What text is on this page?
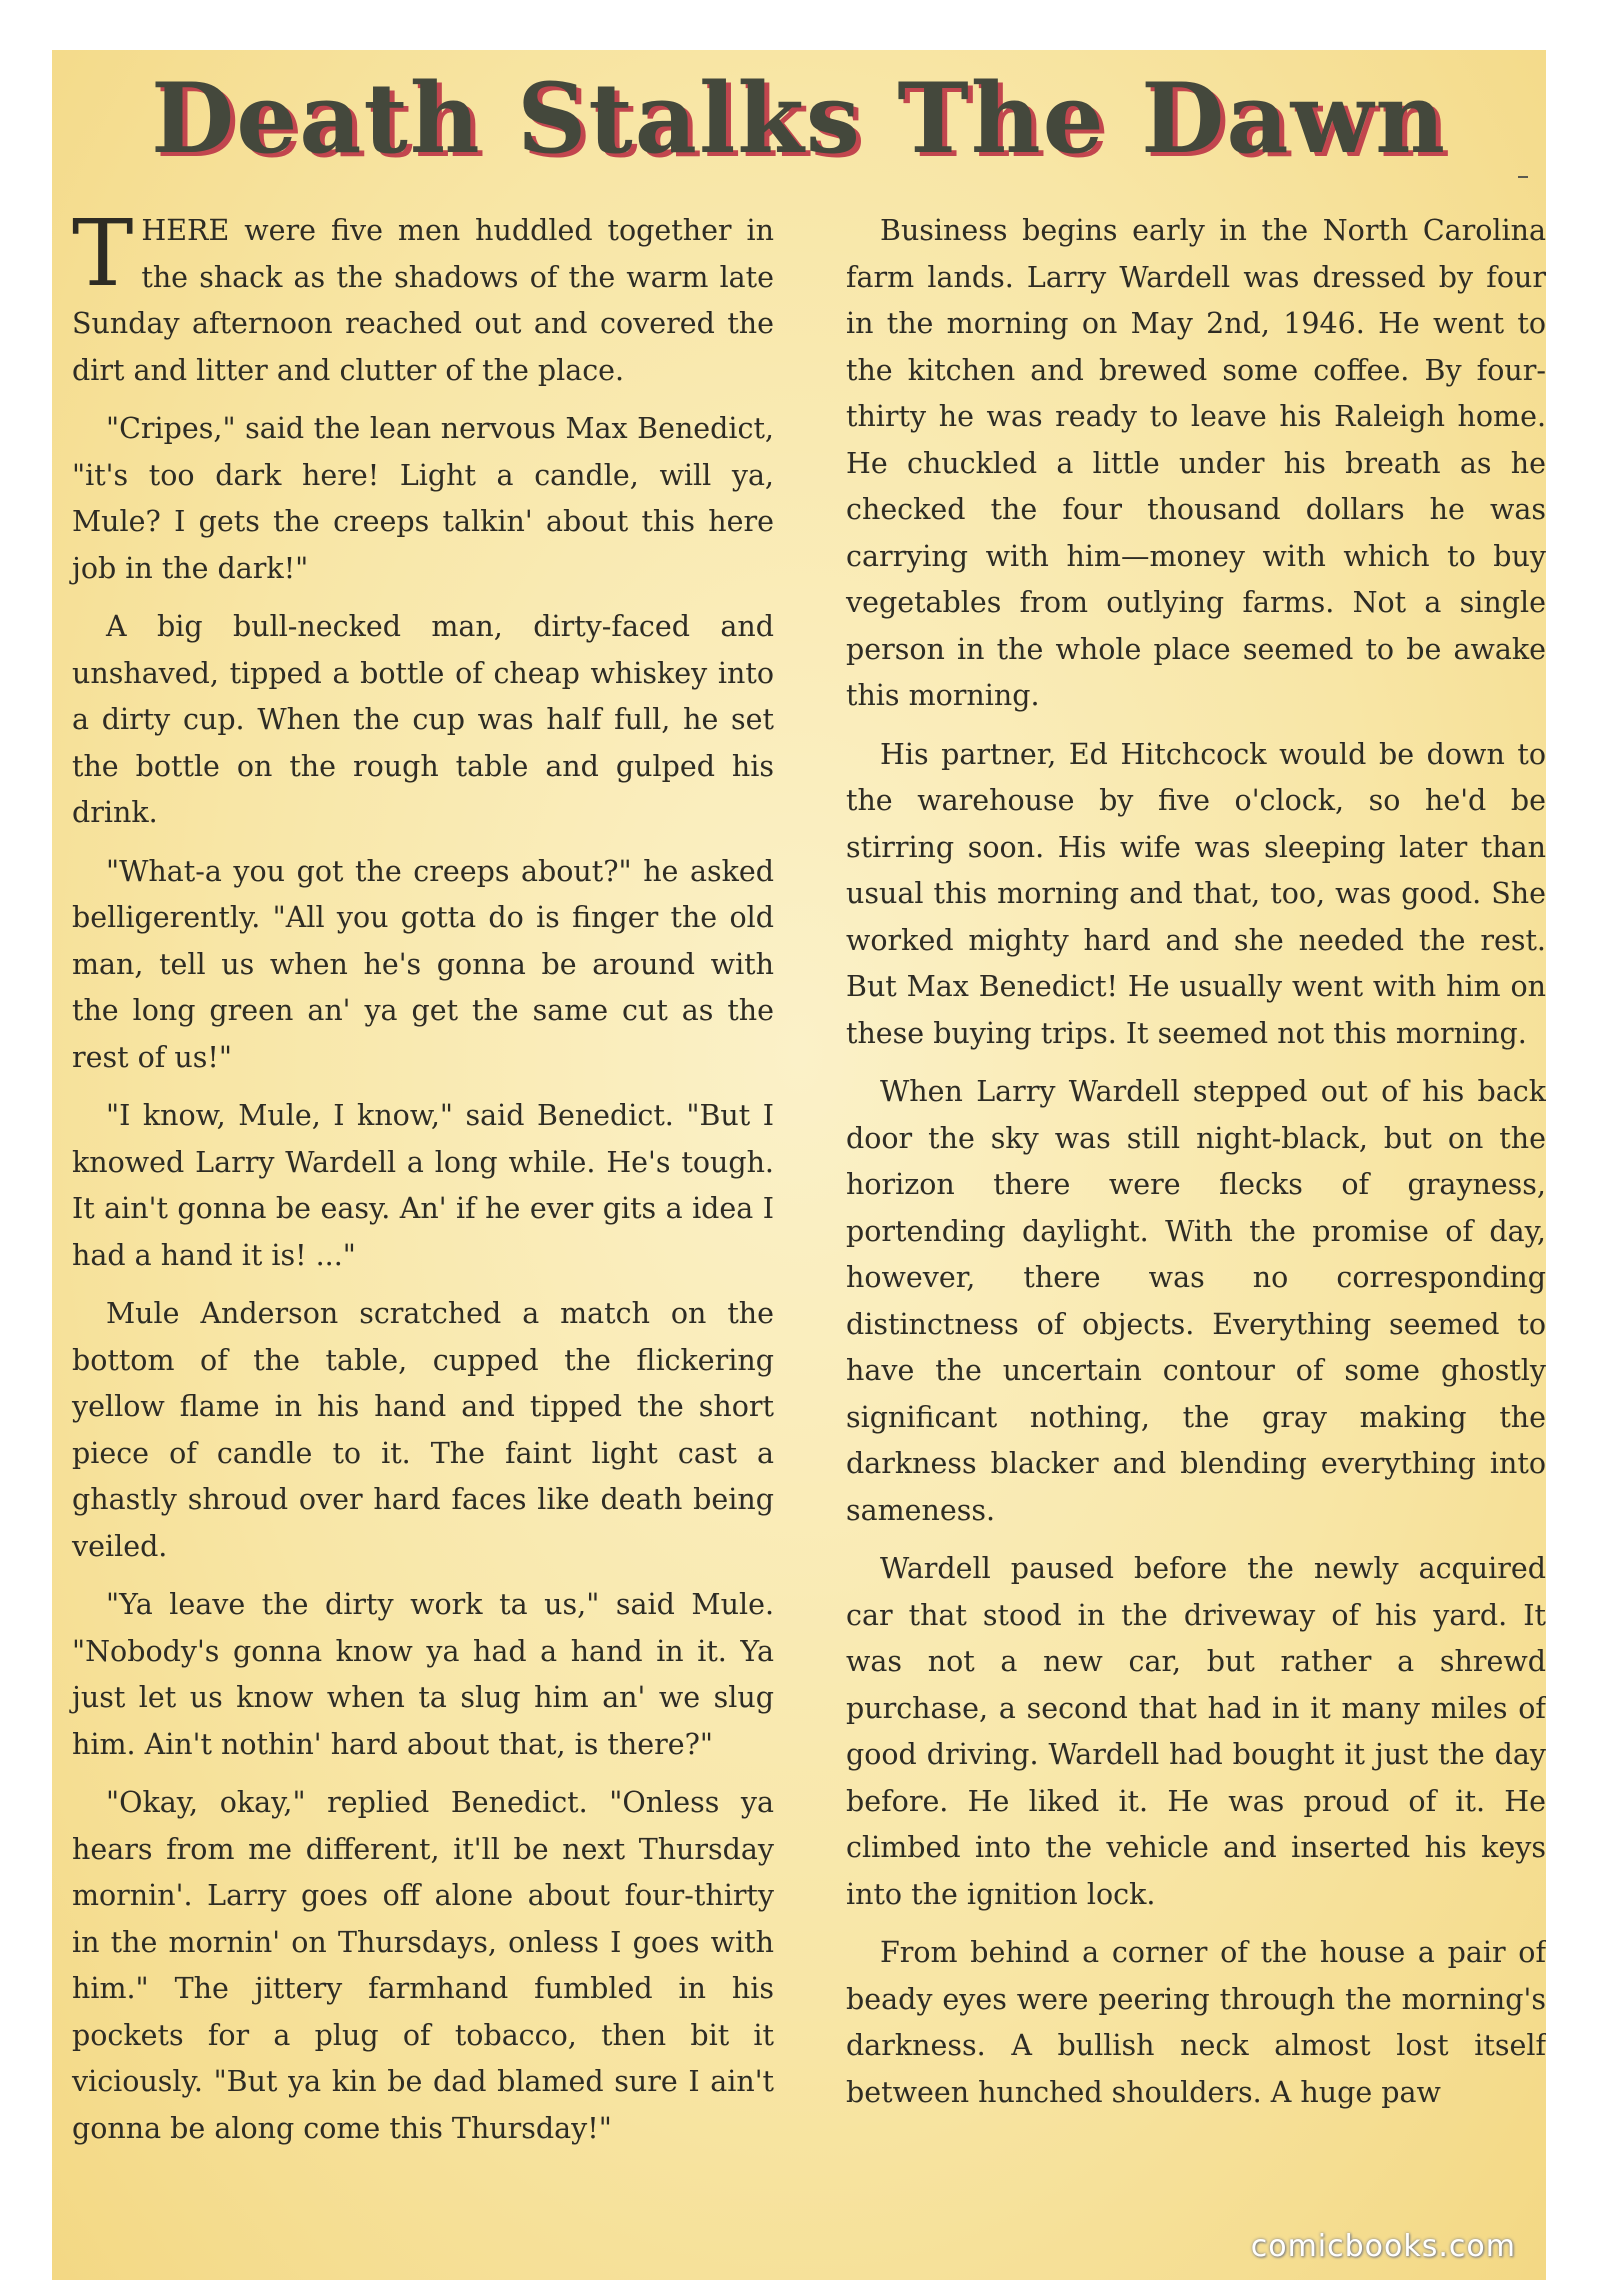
Death Stalks The Dawn

THERE were five men huddled together in the shack as the shadows of the warm late Sunday afternoon reached out and covered the dirt and litter and clutter of the place.

"Cripes," said the lean nervous Max Benedict, "it's too dark here! Light a candle, will ya, Mule? I gets the creeps talkin' about this here job in the dark!"

A big bull-necked man, dirty-faced and unshaved, tipped a bottle of cheap whiskey into a dirty cup. When the cup was half full, he set the bottle on the rough table and gulped his drink.

"What-a you got the creeps about?" he asked belligerently. "All you gotta do is finger the old man, tell us when he's gonna be around with the long green an' ya get the same cut as the rest of us!"

"I know, Mule, I know," said Benedict. "But I knowed Larry Wardell a long while. He's tough. It ain't gonna be easy. An' if he ever gits a idea I had a hand it is! ..."

Mule Anderson scratched a match on the bottom of the table, cupped the flickering yellow flame in his hand and tipped the short piece of candle to it. The faint light cast a ghastly shroud over hard faces like death being veiled.

"Ya leave the dirty work ta us," said Mule. "Nobody's gonna know ya had a hand in it. Ya just let us know when ta slug him an' we slug him. Ain't nothin' hard about that, is there?"

"Okay, okay," replied Benedict. "Onless ya hears from me different, it'll be next Thursday mornin'. Larry goes off alone about four-thirty in the mornin' on Thursdays, onless I goes with him." The jittery farmhand fumbled in his pockets for a plug of tobacco, then bit it viciously. "But ya kin be dad blamed sure I ain't gonna be along come this Thursday!"

Business begins early in the North Carolina farm lands. Larry Wardell was dressed by four in the morning on May 2nd, 1946. He went to the kitchen and brewed some coffee. By four-thirty he was ready to leave his Raleigh home. He chuckled a little under his breath as he checked the four thousand dollars he was carrying with him—money with which to buy vegetables from outlying farms. Not a single person in the whole place seemed to be awake this morning.

His partner, Ed Hitchcock would be down to the warehouse by five o'clock, so he'd be stirring soon. His wife was sleeping later than usual this morning and that, too, was good. She worked mighty hard and she needed the rest. But Max Benedict! He usually went with him on these buying trips. It seemed not this morning.

When Larry Wardell stepped out of his back door the sky was still night-black, but on the horizon there were flecks of grayness, portending daylight. With the promise of day, however, there was no corresponding distinctness of objects. Everything seemed to have the uncertain contour of some ghostly significant nothing, the gray making the darkness blacker and blending everything into sameness.

Wardell paused before the newly acquired car that stood in the driveway of his yard. It was not a new car, but rather a shrewd purchase, a second that had in it many miles of good driving. Wardell had bought it just the day before. He liked it. He was proud of it. He climbed into the vehicle and inserted his keys into the ignition lock.

From behind a corner of the house a pair of beady eyes were peering through the morning's darkness. A bullish neck almost lost itself between hunched shoulders. A huge paw

comicbooks.com
